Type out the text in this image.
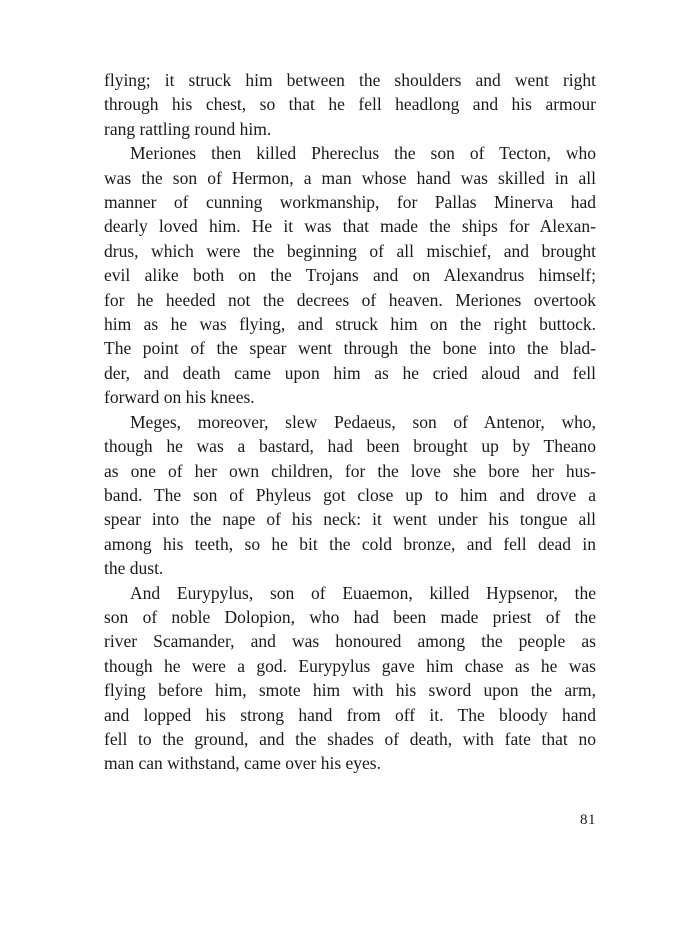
flying; it struck him between the shoulders and went right
through his chest, so that he fell headlong and his armour
rang rattling round him.
Meriones then killed Phereclus the son of Tecton, who
was the son of Hermon, a man whose hand was skilled in all
manner of cunning workmanship, for Pallas Minerva had
dearly loved him. He it was that made the ships for Alexan-
drus, which were the beginning of all mischief, and brought
evil alike both on the Trojans and on Alexandrus himself;
for he heeded not the decrees of heaven. Meriones overtook
him as he was flying, and struck him on the right buttock.
The point of the spear went through the bone into the blad-
der, and death came upon him as he cried aloud and fell
forward on his knees.
Meges, moreover, slew Pedaeus, son of Antenor, who,
though he was a bastard, had been brought up by Theano
as one of her own children, for the love she bore her hus-
band. The son of Phyleus got close up to him and drove a
spear into the nape of his neck: it went under his tongue all
among his teeth, so he bit the cold bronze, and fell dead in
the dust.
And Eurypylus, son of Euaemon, killed Hypsenor, the
son of noble Dolopion, who had been made priest of the
river Scamander, and was honoured among the people as
though he were a god. Eurypylus gave him chase as he was
flying before him, smote him with his sword upon the arm,
and lopped his strong hand from off it. The bloody hand
fell to the ground, and the shades of death, with fate that no
man can withstand, came over his eyes.
81
